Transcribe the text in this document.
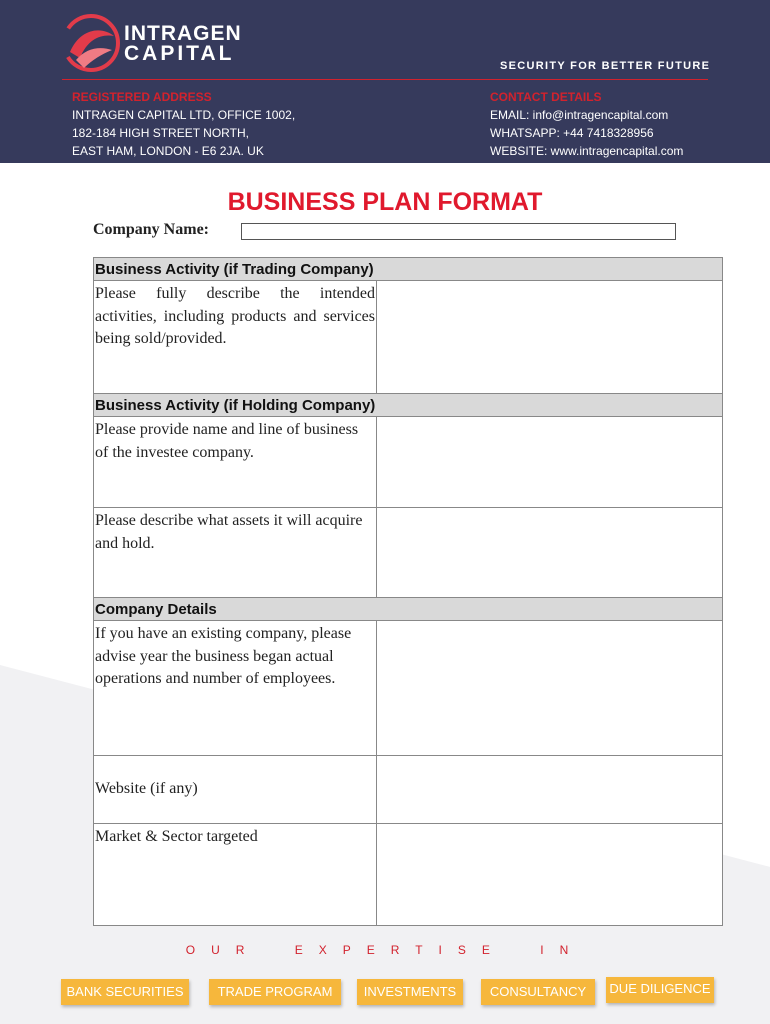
INTRAGEN
CAPITAL
SECURITY FOR BETTER FUTURE
REGISTERED ADDRESS
INTRAGEN CAPITAL LTD, OFFICE 1002,
182-184 HIGH STREET NORTH,
EAST HAM, LONDON - E6 2JA. UK
CONTACT DETAILS
EMAIL: info@intragencapital.com
WHATSAPP: +44 7418328956
WEBSITE: www.intragencapital.com
BUSINESS PLAN FORMAT
Company Name:
Business Activity (if Trading Company)
Please fully describe the intended activities, including products and services being sold/provided.
Business Activity (if Holding Company)
Please provide name and line of business of the investee company.
Please describe what assets it will acquire and hold.
Company Details
If you have an existing company, please advise year the business began actual operations and number of employees.
Website (if any)
Market & Sector targeted
OUR	EXPERTISE	IN
BANK SECURITIES	TRADE PROGRAM	INVESTMENTS	CONSULTANCY	DUE DILIGENCE
